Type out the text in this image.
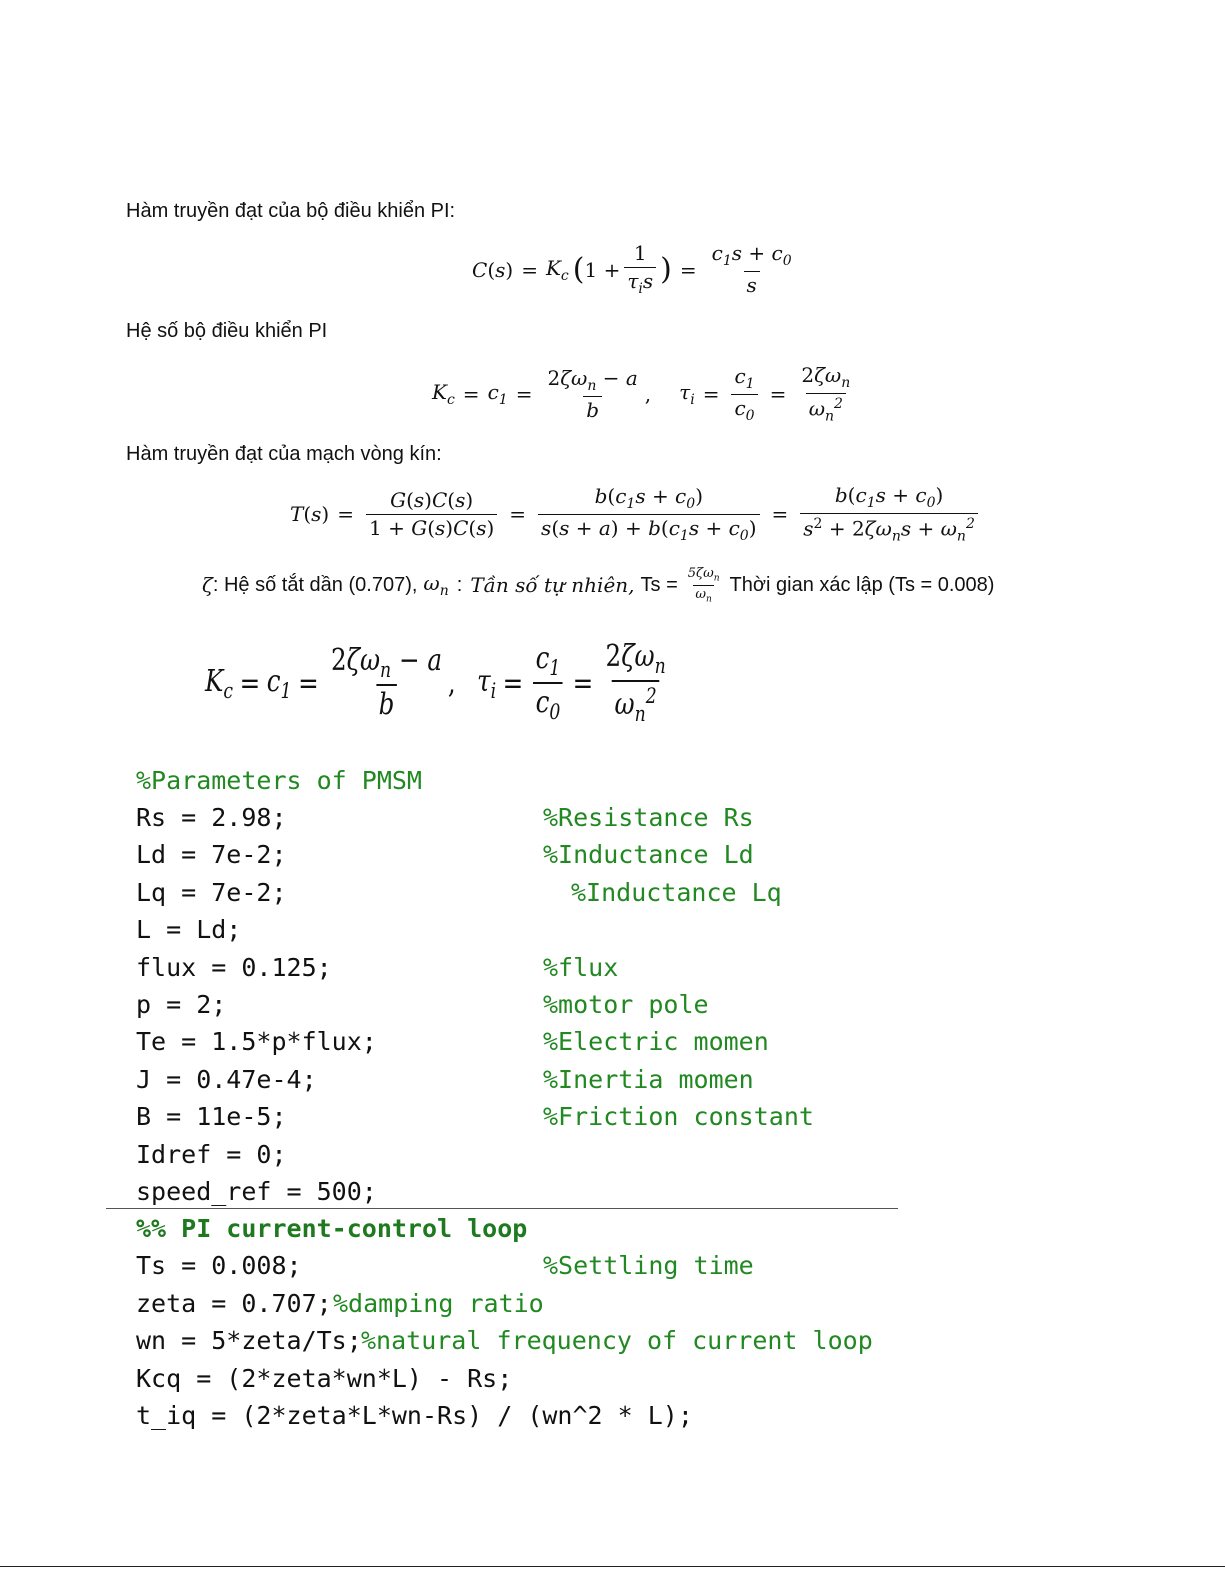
Hàm truyền đạt của bộ điều khiển PI:
C ( s ) = $K_c$ ( $1 + \frac{1}{\tau_is}$ ) = $\frac{c_1s + c_0}{s}$
Hệ số bộ điều khiển PI
$K_c = c_1 = \frac{2\zeta\omega_n - a}{b}$ , $\tau_i = \frac{c_1}{c_0} = \frac{2\zeta\omega_n}{\omega_n^2}$
Hàm truyền đạt của mạch vòng kín:
T ( s ) = $\frac{G(s)C(s)}{1 + G(s)C(s)} = \frac{b(c_1s + c_0)}{s(s + a) + b(c_1s + c_0)} = \frac{b(c_1s + c_0)}{s^2 + 2\zeta\omega_ns + \omega_n^2}$
ζ : Hệ số tắt dần (0.707), $\omega_n$ : Tần số tự nhiên, $Ts = \frac{5\zeta\omega_n}{\omega_n}$ Thời gian xác lập (Ts = 0.008)
$K_c = c_1 = \frac{2\zeta\omega_n - a}{b}$ , $\tau_i = \frac{c_1}{c_0} = \frac{2\zeta\omega_n}{\omega_n^2}$
%Parameters of PMSM
Rs = 2.98;	%Resistance Rs
Ld = 7e-2;	%Inductance Ld
Lq = 7e-2;	%Inductance Lq
L = Ld;
flux = 0.125;	%flux
p = 2;	%motor pole
Te = 1.5*p*flux;	%Electric momen
J = 0.47e-4;	%Inertia momen
B = 11e-5;	%Friction constant
Idref = 0;
speed_ref = 500;
%% PI current-control loop
Ts = 0.008;	%Settling time
zeta = 0.707; %damping ratio
wn = 5*zeta/Ts; %natural frequency of current loop
Kcq = (2*zeta*wn*L) - Rs;
t_iq = (2*zeta*L*wn-Rs) / (wn^2 * L);
